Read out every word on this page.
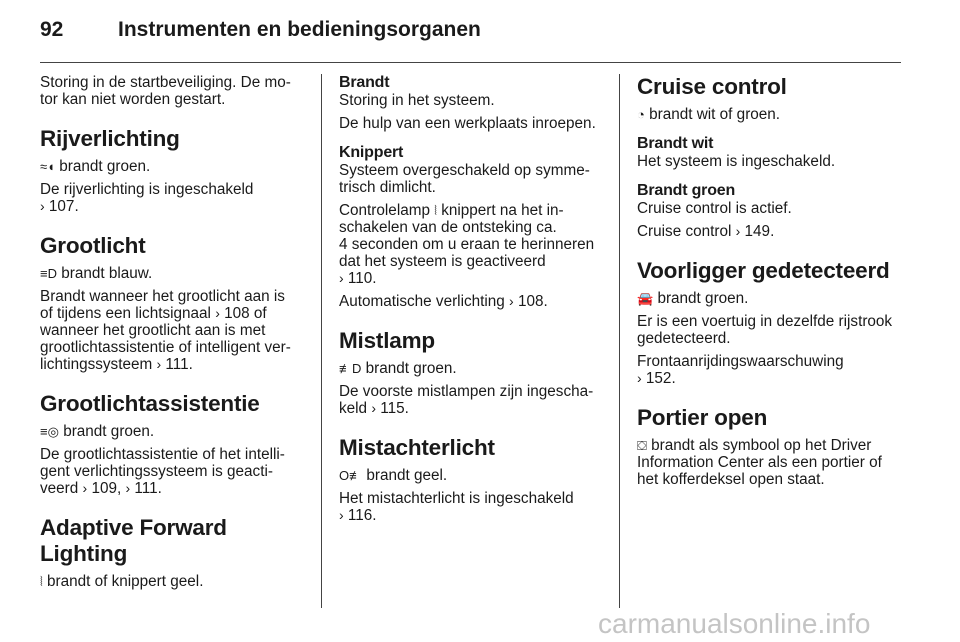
92	Instrumenten en bedieningsorganen

Storing in de startbeveiliging. De mo-
tor kan niet worden gestart.

Rijverlichting

≈◖ brandt groen.

De rijverlichting is ingeschakeld
› 107.

Grootlicht

≡D brandt blauw.

Brandt wanneer het grootlicht aan is
of tijdens een lichtsignaal › 108 of
wanneer het grootlicht aan is met
grootlichtassistentie of intelligent ver-
lichtingssysteem › 111.

Grootlichtassistentie

≡◎ brandt groen.

De grootlichtassistentie of het intelli-
gent verlichtingssysteem is geacti-
veerd › 109, › 111.

Adaptive Forward Lighting

⦚ brandt of knippert geel.

Brandt

Storing in het systeem.

De hulp van een werkplaats inroepen.

Knippert

Systeem overgeschakeld op symme-
trisch dimlicht.

Controlelamp ⦚ knippert na het in-
schakelen van de ontsteking ca.
4 seconden om u eraan te herinneren
dat het systeem is geactiveerd
› 110.

Automatische verlichting › 108.

Mistlamp

≢D brandt groen.

De voorste mistlampen zijn ingescha-
keld › 115.

Mistachterlicht

O≢ brandt geel.

Het mistachterlicht is ingeschakeld
› 116.

Cruise control

◔ brandt wit of groen.

Brandt wit

Het systeem is ingeschakeld.

Brandt groen

Cruise control is actief.

Cruise control › 149.

Voorligger gedetecteerd

🚘 brandt groen.

Er is een voertuig in dezelfde rijstrook
gedetecteerd.

Frontaanrijdingswaarschuwing
› 152.

Portier open

⛋ brandt als symbool op het Driver
Information Center als een portier of
het kofferdeksel open staat.

carmanualsonline.info
